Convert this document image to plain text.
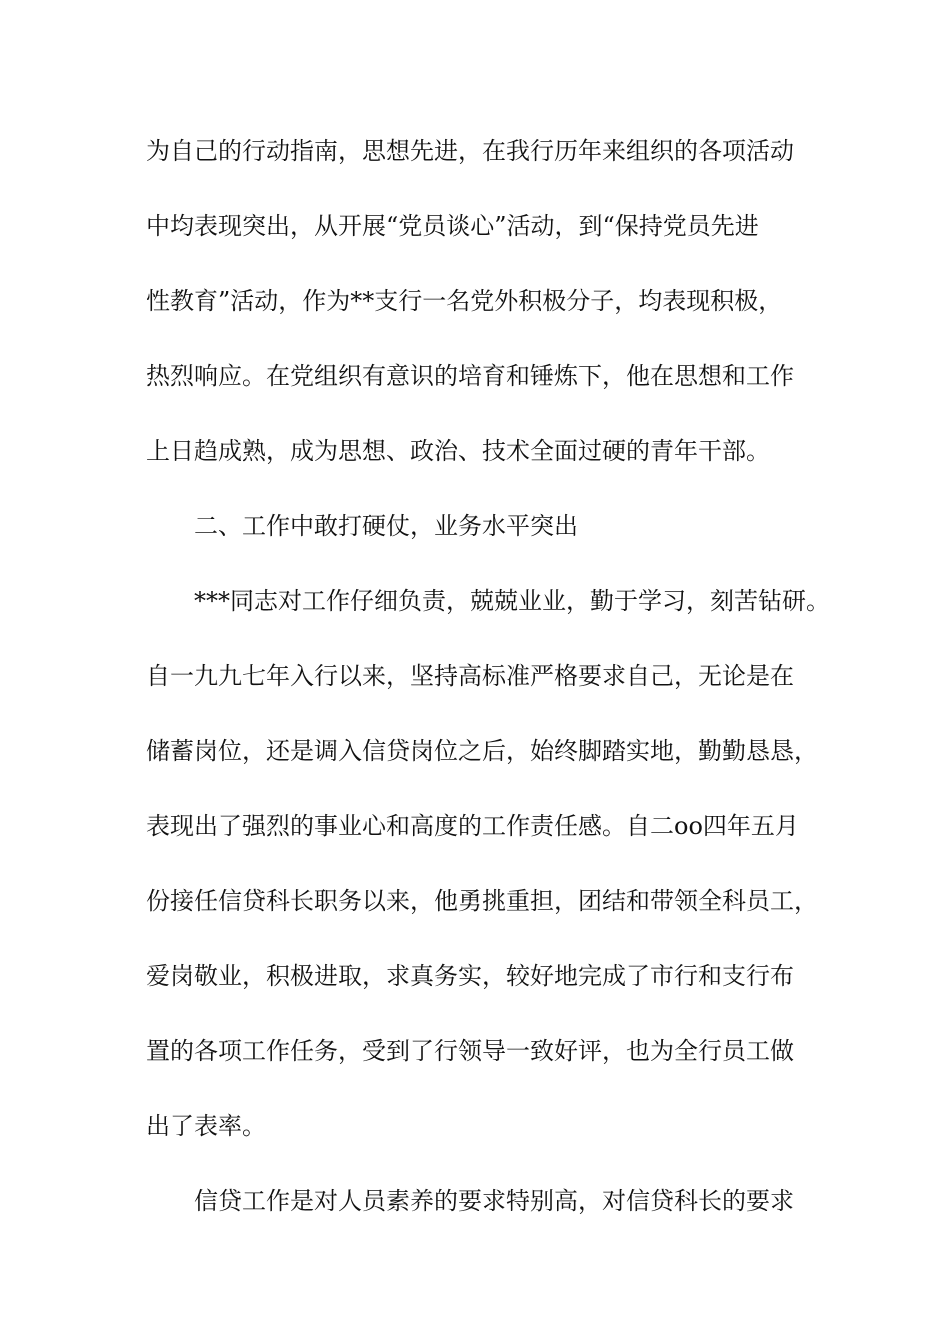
为自己的行动指南，思想先进，在我行历年来组织的各项活动
中均表现突出，从开展“党员谈心”活动，到“保持党员先进
性教育”活动，作为**支行一名党外积极分子，均表现积极，
热烈响应。在党组织有意识的培育和锤炼下，他在思想和工作
上日趋成熟，成为思想、政治、技术全面过硬的青年干部。
二、工作中敢打硬仗，业务水平突出
***同志对工作仔细负责，兢兢业业，勤于学习，刻苦钻研。
自一九九七年入行以来，坚持高标准严格要求自己，无论是在
储蓄岗位，还是调入信贷岗位之后，始终脚踏实地，勤勤恳恳，
表现出了强烈的事业心和高度的工作责任感。自二oo四年五月
份接任信贷科长职务以来，他勇挑重担，团结和带领全科员工，
爱岗敬业，积极进取，求真务实，较好地完成了市行和支行布
置的各项工作任务，受到了行领导一致好评，也为全行员工做
出了表率。
信贷工作是对人员素养的要求特别高，对信贷科长的要求
